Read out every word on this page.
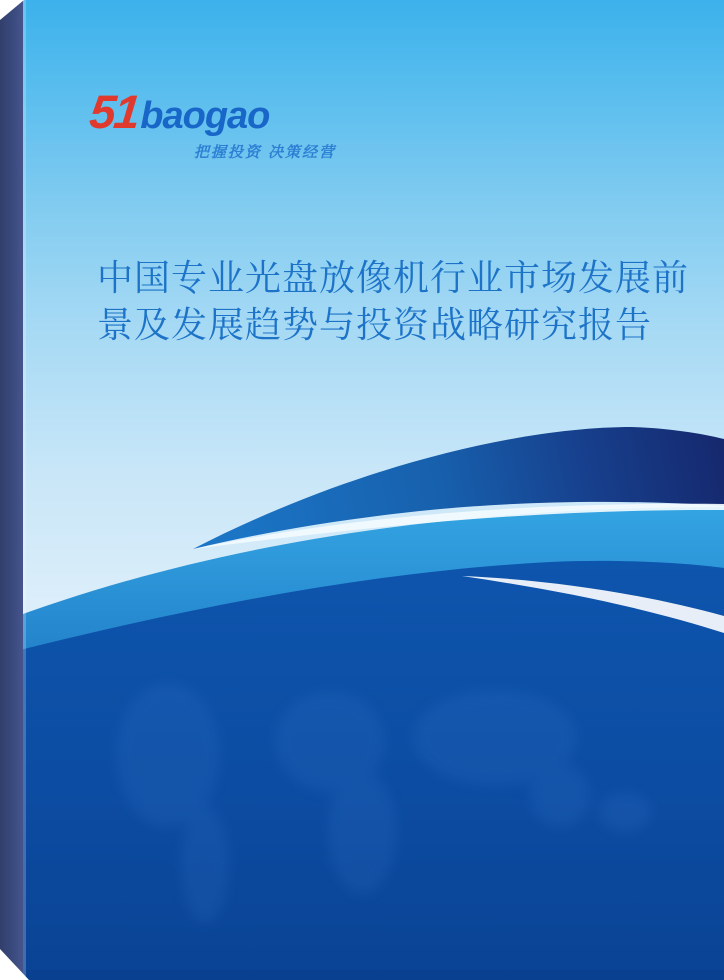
51 baogao
把握投资 决策经营
中国专业光盘放像机行业市场发展前
景及发展趋势与投资战略研究报告
